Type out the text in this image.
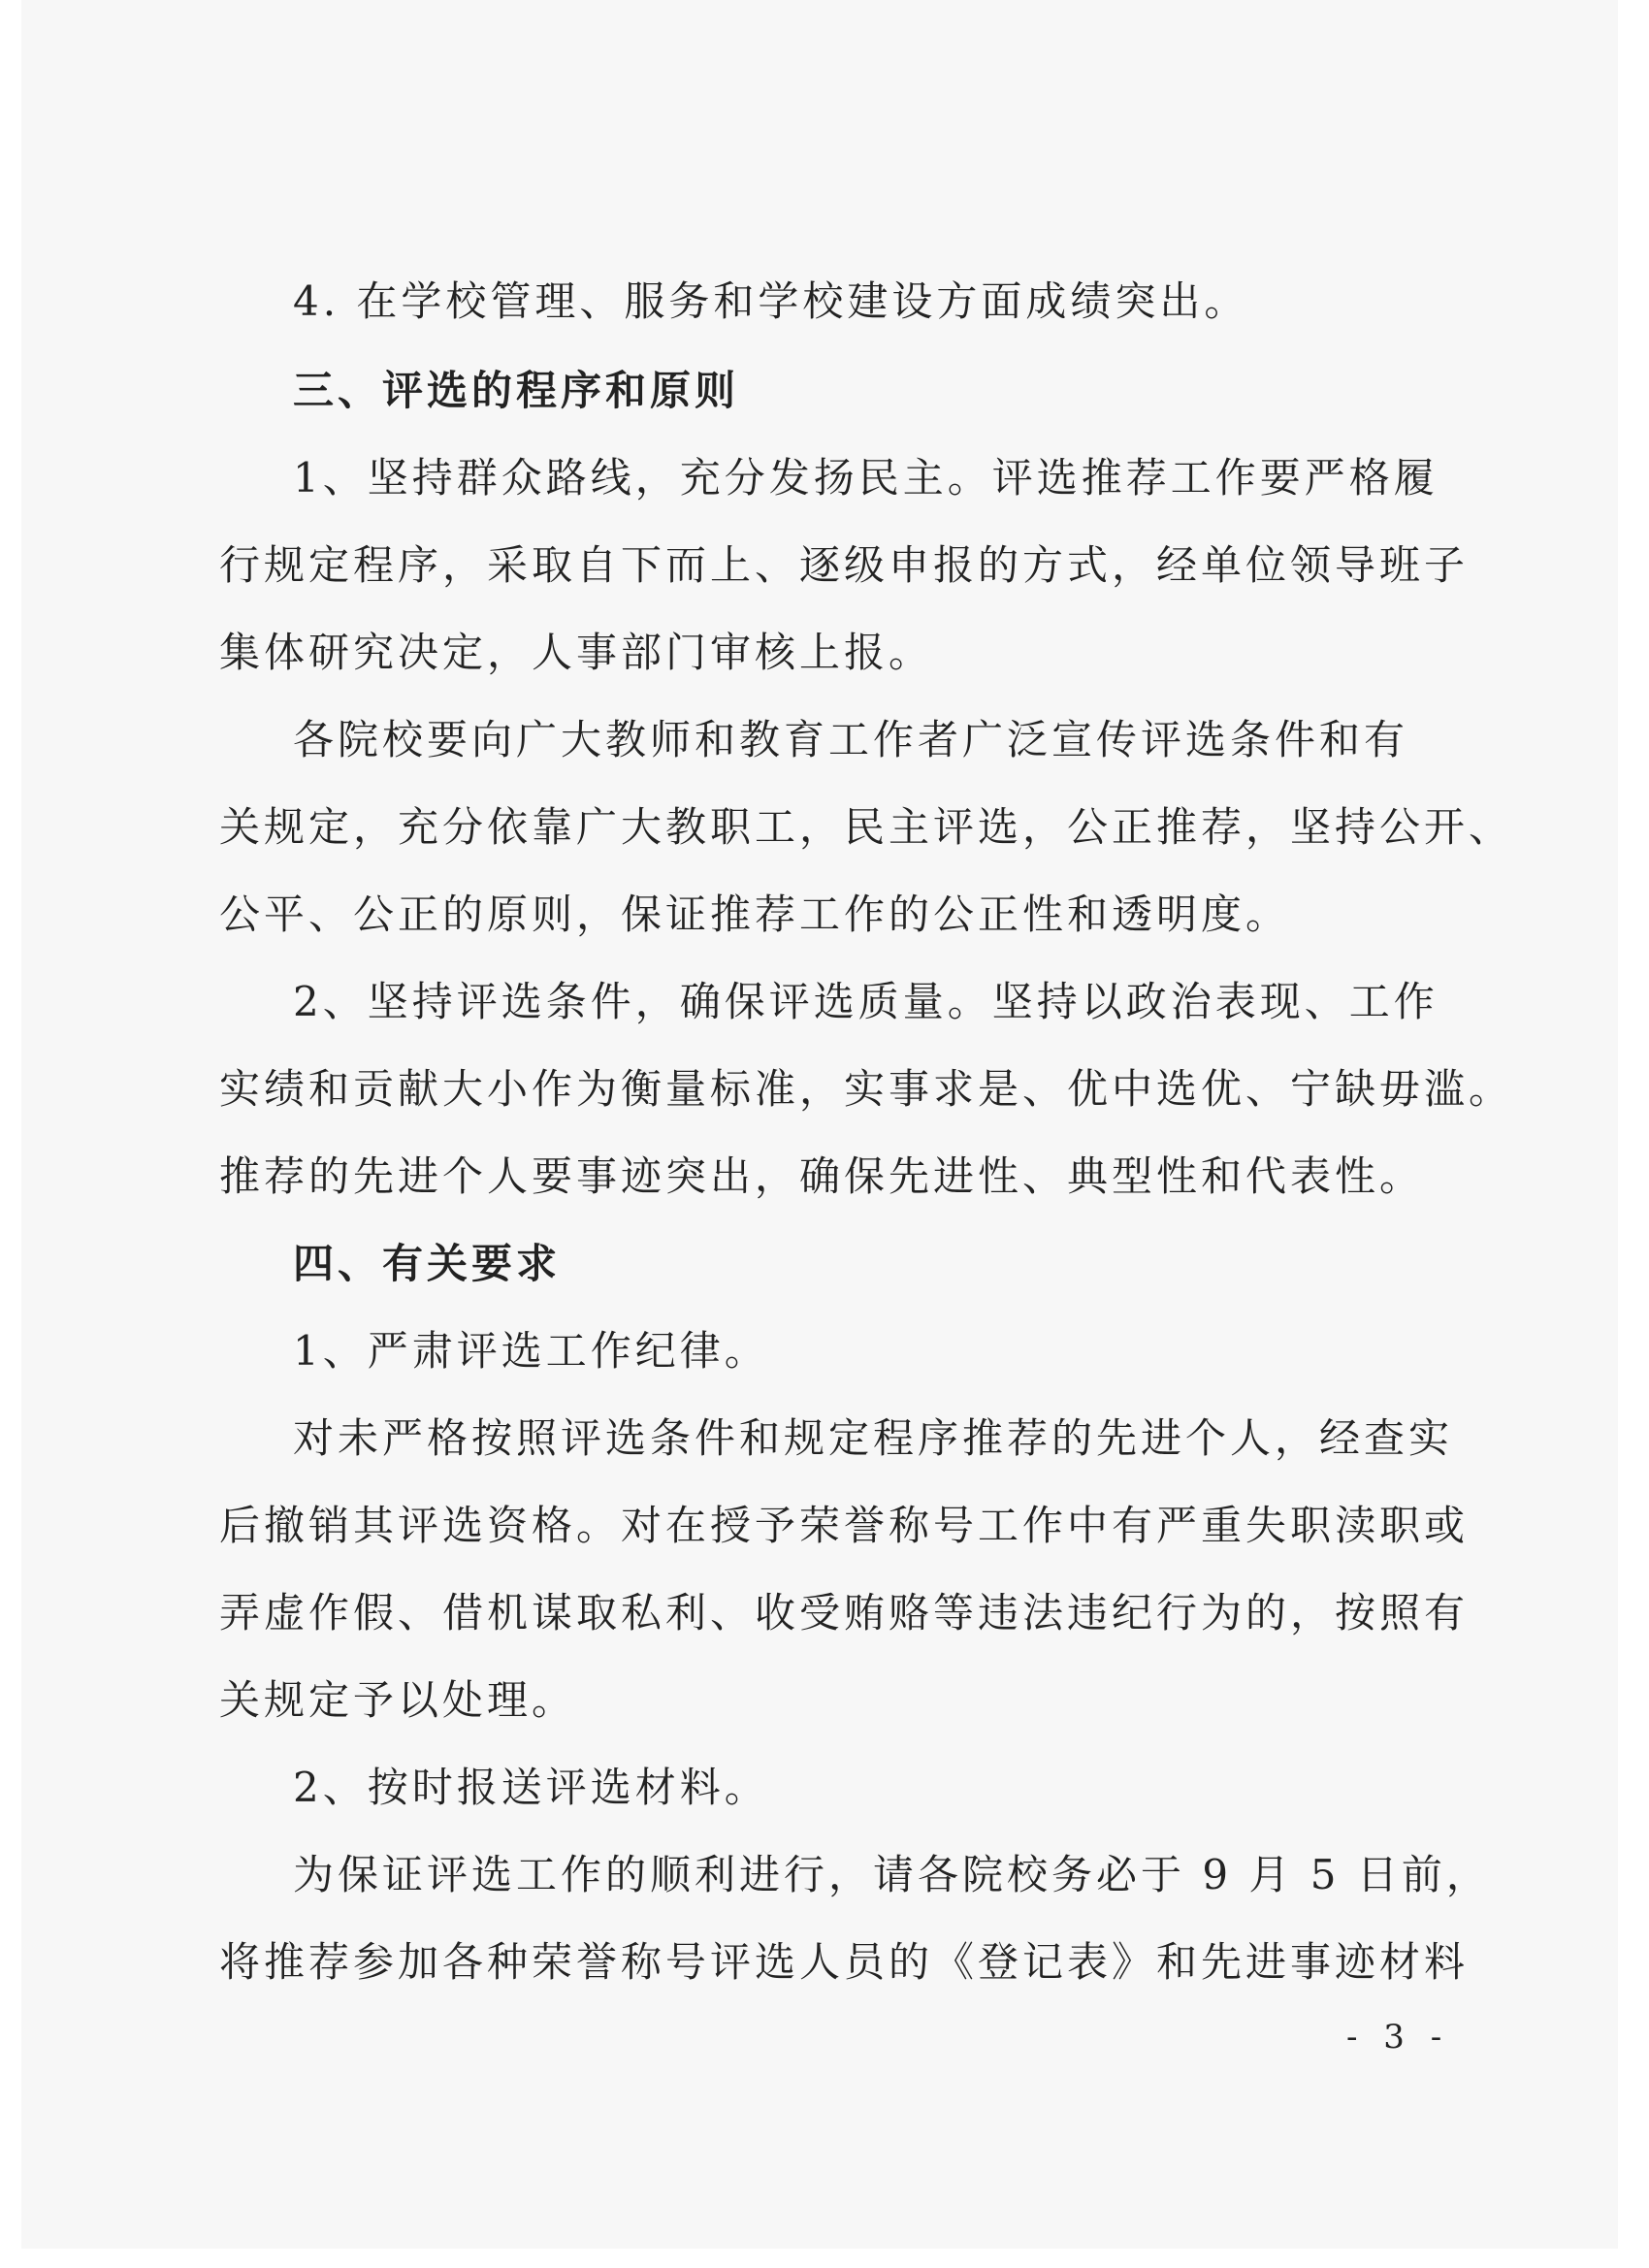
4. 在学校管理、服务和学校建设方面成绩突出。
三、评选的程序和原则
1、坚持群众路线，充分发扬民主。评选推荐工作要严格履
行规定程序，采取自下而上、逐级申报的方式，经单位领导班子
集体研究决定，人事部门审核上报。
各院校要向广大教师和教育工作者广泛宣传评选条件和有
关规定，充分依靠广大教职工，民主评选，公正推荐，坚持公开、
公平、公正的原则，保证推荐工作的公正性和透明度。
2、坚持评选条件，确保评选质量。坚持以政治表现、工作
实绩和贡献大小作为衡量标准，实事求是、优中选优、宁缺毋滥。
推荐的先进个人要事迹突出，确保先进性、典型性和代表性。
四、有关要求
1、严肃评选工作纪律。
对未严格按照评选条件和规定程序推荐的先进个人，经查实
后撤销其评选资格。对在授予荣誉称号工作中有严重失职渎职或
弄虚作假、借机谋取私利、收受贿赂等违法违纪行为的，按照有
关规定予以处理。
2、按时报送评选材料。
为保证评选工作的顺利进行，请各院校务必于 9 月 5 日前，
将推荐参加各种荣誉称号评选人员的《登记表》和先进事迹材料
- 3 -
